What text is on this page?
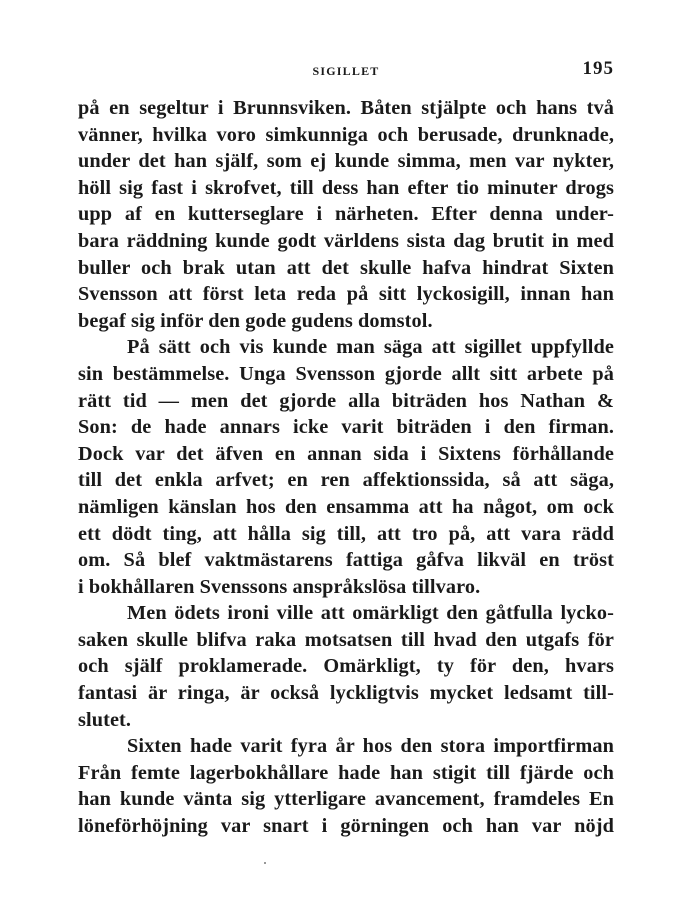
SIGILLET	195
på en segeltur i Brunnsviken. Båten stjälpte och hans två
vänner, hvilka voro simkunniga och berusade, drunknade,
under det han själf, som ej kunde simma, men var nykter,
höll sig fast i skrofvet, till dess han efter tio minuter drogs
upp af en kutterseglare i närheten. Efter denna under-
bara räddning kunde godt världens sista dag brutit in med
buller och brak utan att det skulle hafva hindrat Sixten
Svensson att först leta reda på sitt lyckosigill, innan han
begaf sig inför den gode gudens domstol.
På sätt och vis kunde man säga att sigillet uppfyllde
sin bestämmelse. Unga Svensson gjorde allt sitt arbete på
rätt tid — men det gjorde alla biträden hos Nathan &
Son: de hade annars icke varit biträden i den firman.
Dock var det äfven en annan sida i Sixtens förhållande
till det enkla arfvet; en ren affektionssida, så att säga,
nämligen känslan hos den ensamma att ha något, om ock
ett dödt ting, att hålla sig till, att tro på, att vara rädd
om. Så blef vaktmästarens fattiga gåfva likväl en tröst
i bokhållaren Svenssons anspråkslösa tillvaro.
Men ödets ironi ville att omärkligt den gåtfulla lycko-
saken skulle blifva raka motsatsen till hvad den utgafs för
och själf proklamerade. Omärkligt, ty för den, hvars
fantasi är ringa, är också lyckligtvis mycket ledsamt till-
slutet.
Sixten hade varit fyra år hos den stora importfirman
Från femte lagerbokhållare hade han stigit till fjärde och
han kunde vänta sig ytterligare avancement, framdeles En
löneförhöjning var snart i görningen och han var nöjd
